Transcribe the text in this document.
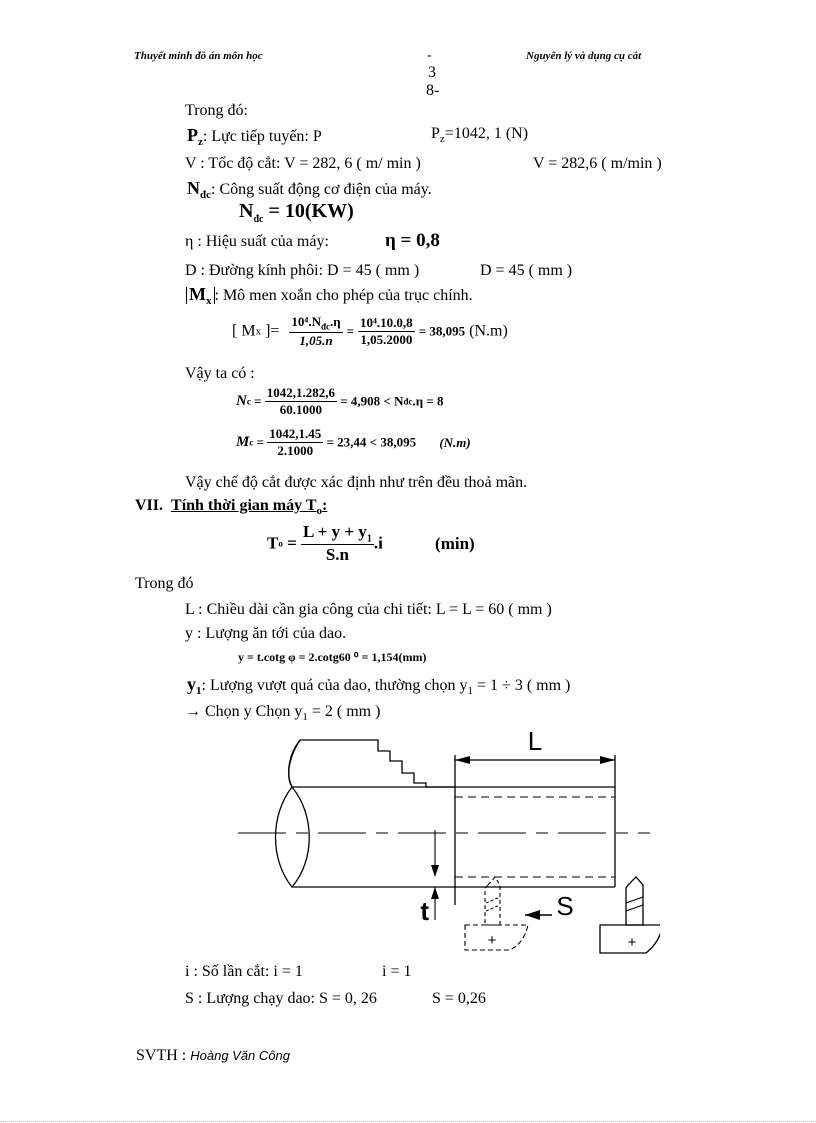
Thuyết minh đồ án môn học	-
3
8-
Nguyên lý và dụng cụ cắt
Trong đó:
$P_z$: Lực tiếp tuyến: P	$P_z=1042$, 1 (N)
V : Tốc độ cắt: V = 282, 6 ( m/ min )	V = 282,6 ( m/min )
$N_{đc}$: Công suất động cơ điện của máy.
$N_{đc} = 10(KW)$
η : Hiệu suất của máy:	η = 0,8
D : Đường kính phôi: D = 45 ( mm )	D = 45 ( mm )
$M_x$ : Mô men xoắn cho phép của trục chính.
[ Mx ]= $\frac{10^4.N_{đc}.\eta}{1,05.n} = \frac{\text{10⁴.10.0,8}}{1,05.2000} = 38,095$ (N.m)
Vậy ta có :
$Nc = \frac{1042,1.282,6}{60.1000} = 4,908$ < Nđc.η = 8
$Mc = \frac{1042,1.45}{2.1000} = 23,44 < 38,095$ (N.m)
Vậy chế độ cắt được xác định như trên đều thoả mãn.
VII. Tính thời gian máy $T_o$:
$To = \frac{L + y + y_1}{S.n} .i$	(min)
Trong đó
L : Chiều dài cần gia công của chi tiết: L = L = 60 ( mm )
y : Lượng ăn tới của dao.
y = t.cotg φ = 2.cotg60 ⁰ = 1,154(mm)
$y_1$: Lượng vượt quá của dao, thường chọn $y_1 = 1 \div 3$ ( mm )
→ Chọn y Chọn $y_1 = 2$ ( mm )
L
t
+
S
+
i : Số lần cắt: i = 1	i = 1
S : Lượng chạy dao: S = 0, 26	S = 0,26
SVTH : Hoàng Văn Công
